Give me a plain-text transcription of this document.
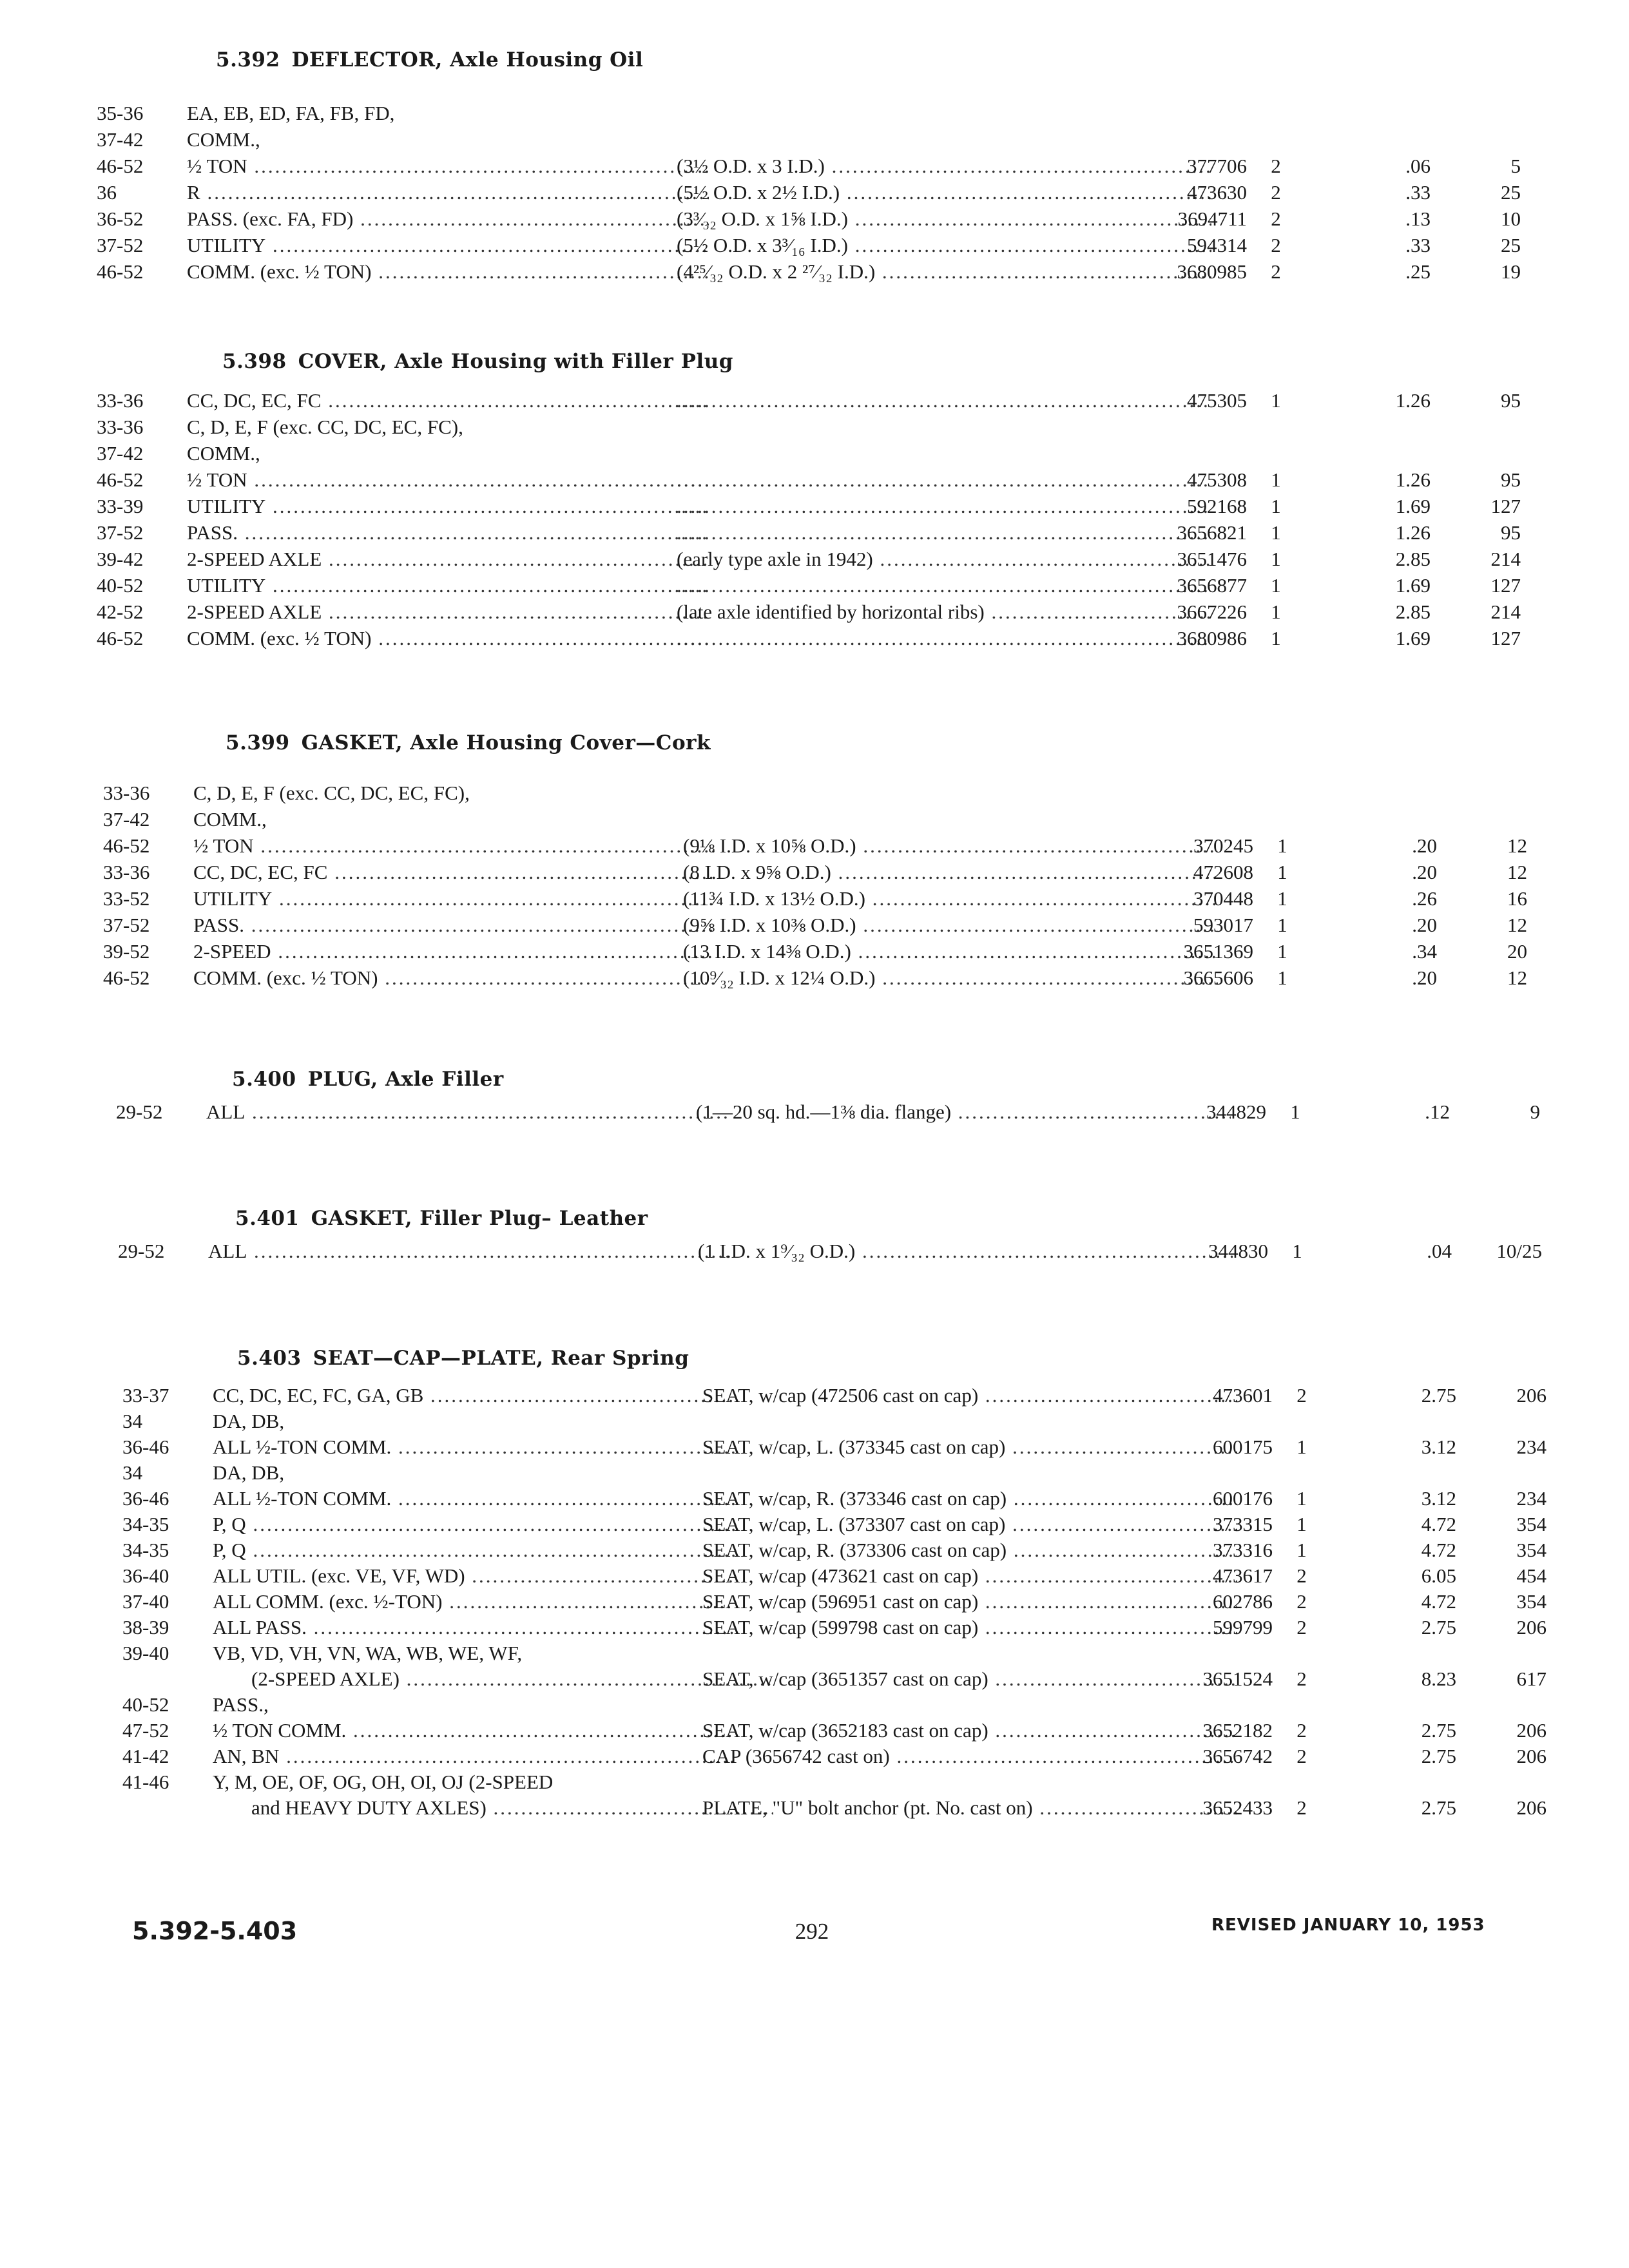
5.392 DEFLECTOR, Axle Housing Oil
35-36	EA, EB, ED, FA, FB, FD,
37-42	COMM.,
46-52	½ TON .....	(3½ O.D. x 3 I.D.) .....	377706	2	.06	5
36	R .....	(5½ O.D. x 2½ I.D.) .....	473630	2	.33	25
36-52	PASS. (exc. FA, FD) .....	(3³⁄₃₂ O.D. x 1⅝ I.D.) .....	3694711	2	.13	10
37-52	UTILITY .....	(5½ O.D. x 3³⁄₁₆ I.D.) .....	594314	2	.33	25
46-52	COMM. (exc. ½ TON) .....	(4²⁵⁄₃₂ O.D. x 2 ²⁷⁄₃₂ I.D.) .....	3680985	2	.25	19
5.398 COVER, Axle Housing with Filler Plug
33-36	CC, DC, EC, FC ..... .....	475305	1	1.26	95
33-36	C, D, E, F (exc. CC, DC, EC, FC),
37-42	COMM.,
46-52	½ TON ..... .....	475308	1	1.26	95
33-39	UTILITY ..... .....	592168	1	1.69	127
37-52	PASS. ..... .....	3656821	1	1.26	95
39-42	2-SPEED AXLE .....	(early type axle in 1942) .....	3651476	1	2.85	214
40-52	UTILITY ..... .....	3656877	1	1.69	127
42-52	2-SPEED AXLE .....	(late axle identified by horizontal ribs) .....	3667226	1	2.85	214
46-52	COMM. (exc. ½ TON) ..... .....	3680986	1	1.69	127
5.399 GASKET, Axle Housing Cover—Cork
33-36	C, D, E, F (exc. CC, DC, EC, FC),
37-42	COMM.,
46-52	½ TON .....	(9⅛ I.D. x 10⅝ O.D.) .....	370245	1	.20	12
33-36	CC, DC, EC, FC .....	(8 I.D. x 9⅝ O.D.) .....	472608	1	.20	12
33-52	UTILITY .....	(11¾ I.D. x 13½ O.D.) .....	370448	1	.26	16
37-52	PASS. .....	(9⅝ I.D. x 10⅜ O.D.) .....	593017	1	.20	12
39-52	2-SPEED .....	(13 I.D. x 14⅜ O.D.) .....	3651369	1	.34	20
46-52	COMM. (exc. ½ TON) .....	(10⁹⁄₃₂ I.D. x 12¼ O.D.) .....	3665606	1	.20	12
5.400 PLUG, Axle Filler
29-52	ALL .....	(1—20 sq. hd.—1⅜ dia. flange) .....	344829	1	.12	9
5.401 GASKET, Filler Plug– Leather
29-52	ALL .....	(1 I.D. x 1⁹⁄₃₂ O.D.) .....	344830	1	.04	10/25
5.403 SEAT—CAP—PLATE, Rear Spring
33-37	CC, DC, EC, FC, GA, GB .....	SEAT, w/cap (472506 cast on cap) .....	473601	2	2.75	206
34	DA, DB,
36-46	ALL ½-TON COMM. .....	SEAT, w/cap, L. (373345 cast on cap) .....	600175	1	3.12	234
34	DA, DB,
36-46	ALL ½-TON COMM. .....	SEAT, w/cap, R. (373346 cast on cap) .....	600176	1	3.12	234
34-35	P, Q .....	SEAT, w/cap, L. (373307 cast on cap) .....	373315	1	4.72	354
34-35	P, Q .....	SEAT, w/cap, R. (373306 cast on cap) .....	373316	1	4.72	354
36-40	ALL UTIL. (exc. VE, VF, WD) .....	SEAT, w/cap (473621 cast on cap) .....	473617	2	6.05	454
37-40	ALL COMM. (exc. ½-TON) .....	SEAT, w/cap (596951 cast on cap) .....	602786	2	4.72	354
38-39	ALL PASS. .....	SEAT, w/cap (599798 cast on cap) .....	599799	2	2.75	206
39-40	VB, VD, VH, VN, WA, WB, WE, WF,
(2-SPEED AXLE) .....	SEAT, w/cap (3651357 cast on cap) .....	3651524	2	8.23	617
40-52	PASS.,
47-52	½ TON COMM. .....	SEAT, w/cap (3652183 cast on cap) .....	3652182	2	2.75	206
41-42	AN, BN .....	CAP (3656742 cast on) .....	3656742	2	2.75	206
41-46	Y, M, OE, OF, OG, OH, OI, OJ (2-SPEED
and HEAVY DUTY AXLES) .....	PLATE, "U" bolt anchor (pt. No. cast on) .....	3652433	2	2.75	206
5.392-5.403	292	REVISED JANUARY 10, 1953
